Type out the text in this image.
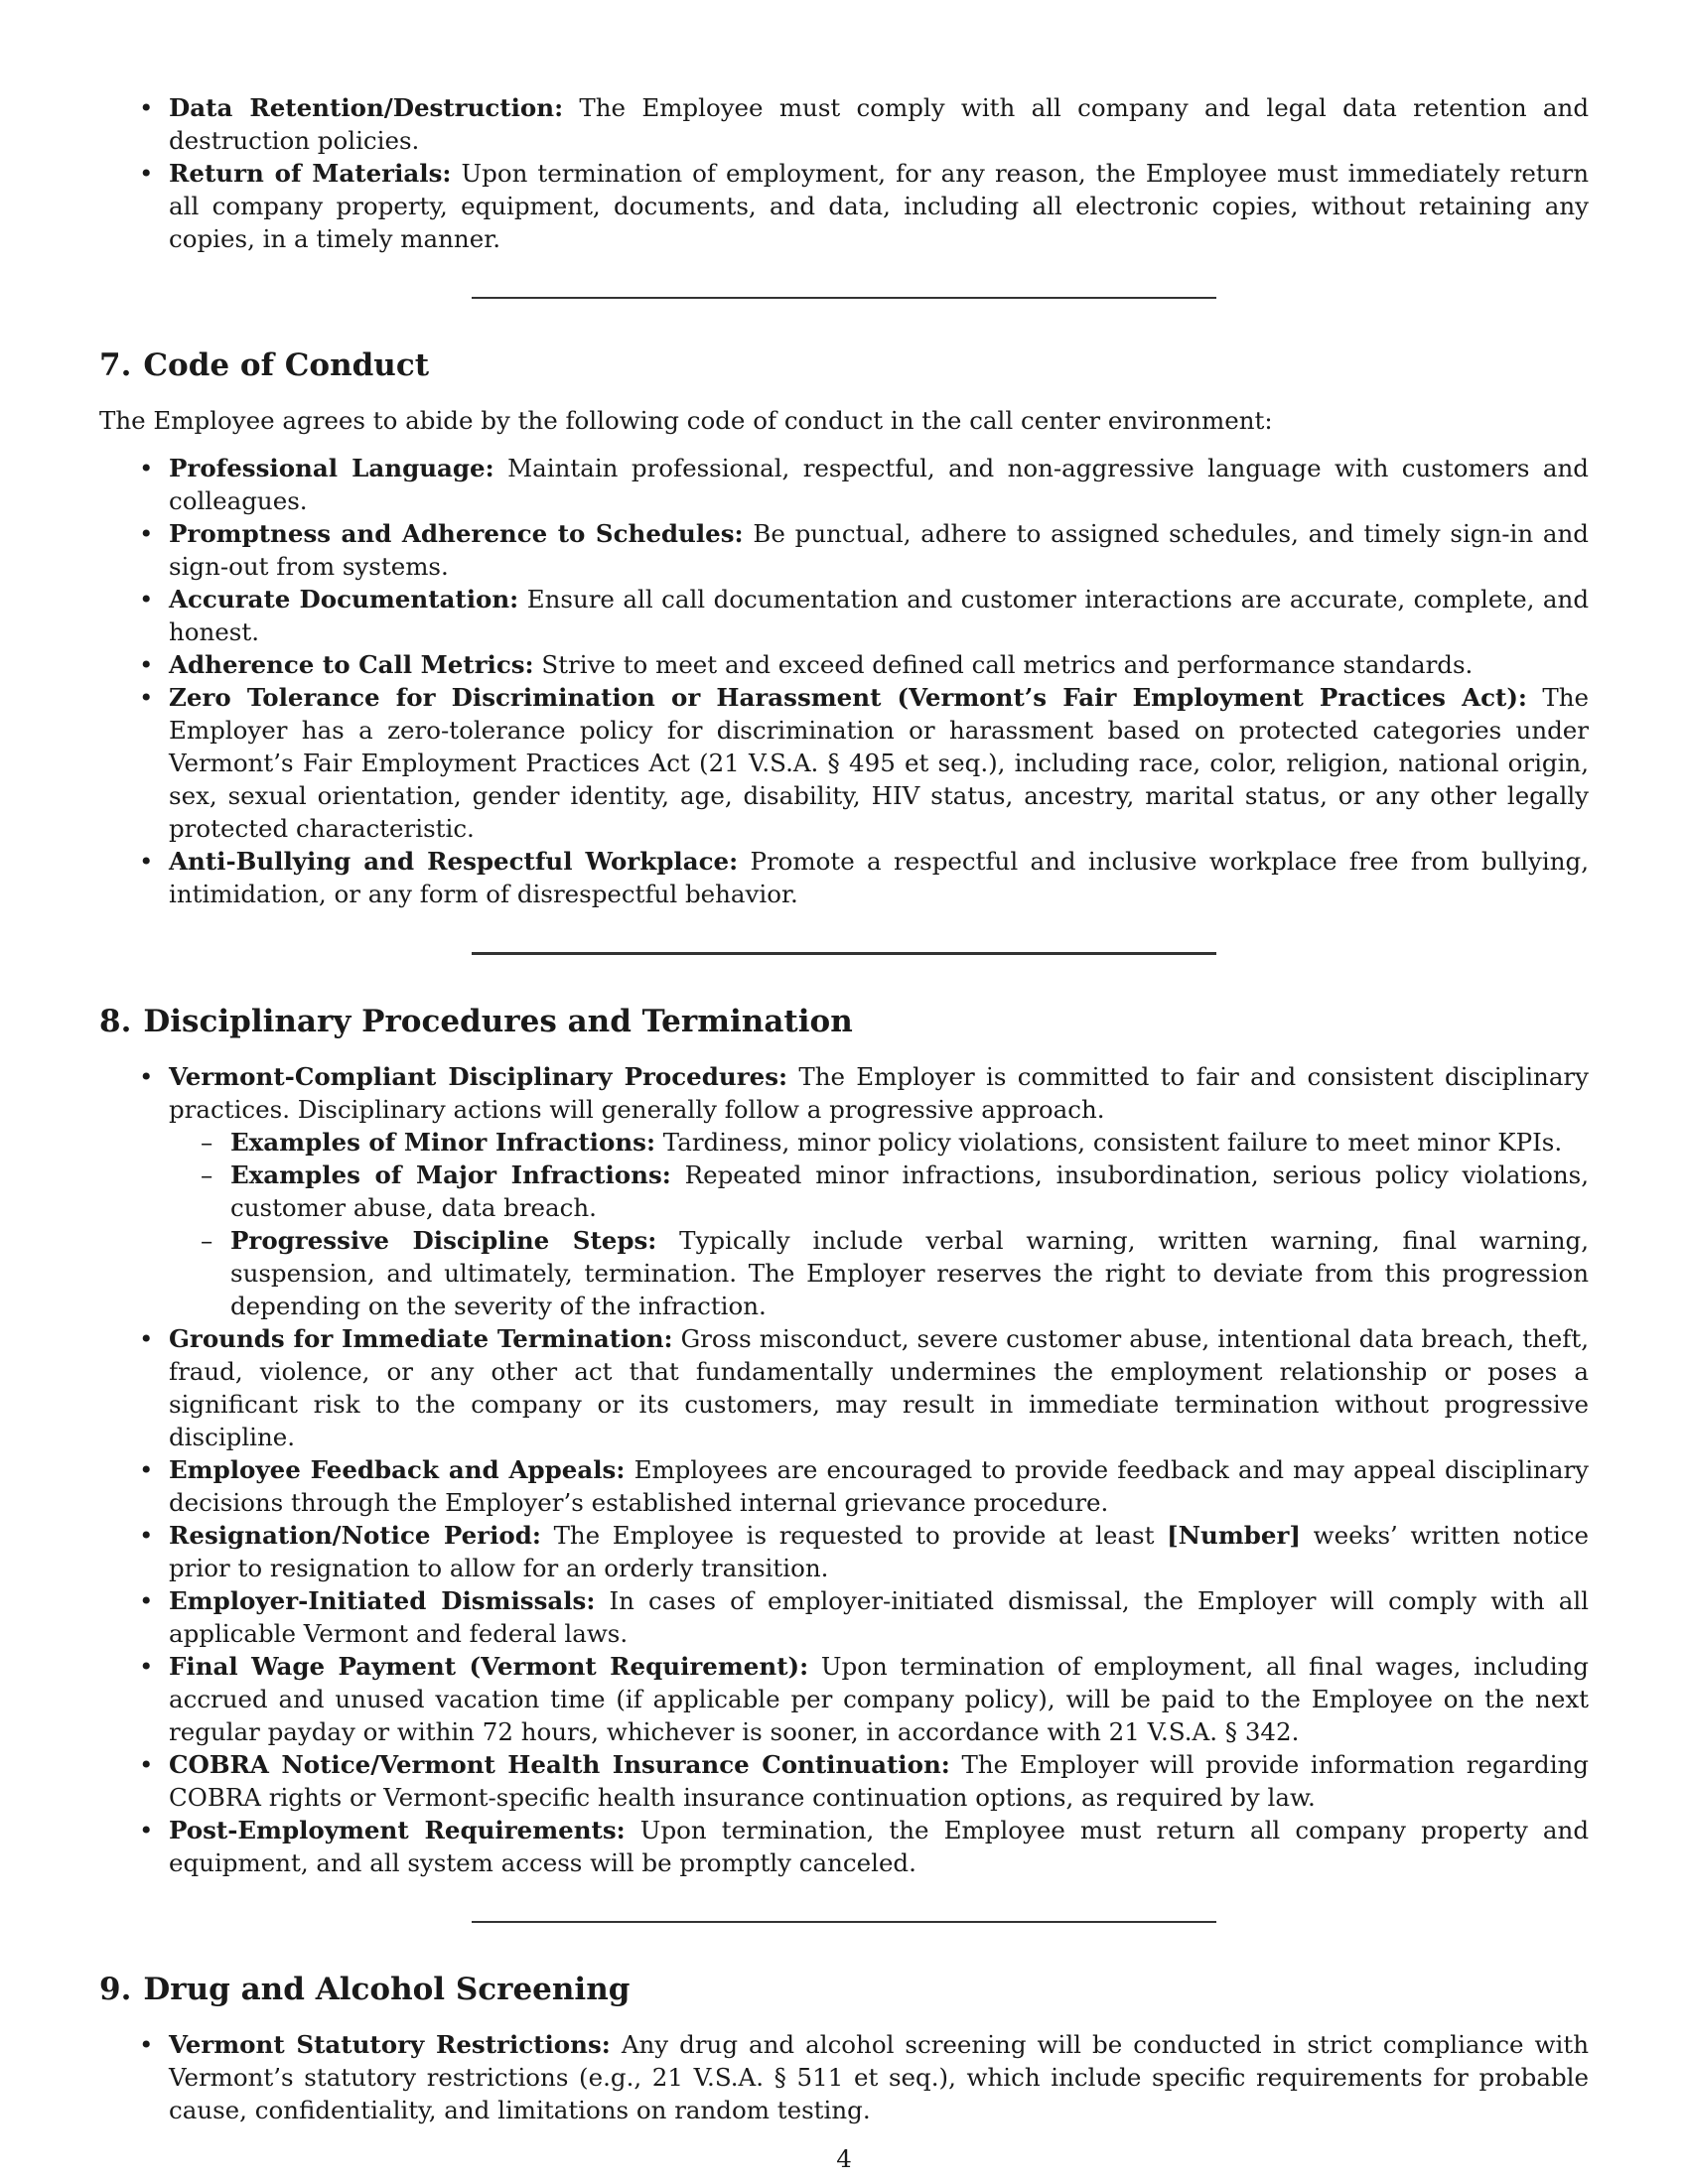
• Data Retention/Destruction: The Employee must comply with all company and legal data retention and destruction policies.
• Return of Materials: Upon termination of employment, for any reason, the Employee must immediately return all company property, equipment, documents, and data, including all electronic copies, without retaining any copies, in a timely manner.
7. Code of Conduct

The Employee agrees to abide by the following code of conduct in the call center environment:

• Professional Language: Maintain professional, respectful, and non-aggressive language with customers and colleagues.
• Promptness and Adherence to Schedules: Be punctual, adhere to assigned schedules, and timely sign-in and sign-out from systems.
• Accurate Documentation: Ensure all call documentation and customer interactions are accurate, complete, and honest.
• Adherence to Call Metrics: Strive to meet and exceed defined call metrics and performance standards.
• Zero Tolerance for Discrimination or Harassment (Vermont’s Fair Employment Practices Act): The Employer has a zero-tolerance policy for discrimination or harassment based on protected categories under Vermont’s Fair Employment Practices Act (21 V.S.A. § 495 et seq.), including race, color, religion, national origin, sex, sexual orientation, gender identity, age, disability, HIV status, ancestry, marital status, or any other legally protected characteristic.
• Anti-Bullying and Respectful Workplace: Promote a respectful and inclusive workplace free from bullying, intimidation, or any form of disrespectful behavior.
8. Disciplinary Procedures and Termination
• Vermont-Compliant Disciplinary Procedures: The Employer is committed to fair and consistent disciplinary practices. Disciplinary actions will generally follow a progressive approach.
– Examples of Minor Infractions: Tardiness, minor policy violations, consistent failure to meet minor KPIs.
– Examples of Major Infractions: Repeated minor infractions, insubordination, serious policy violations, customer abuse, data breach.
– Progressive Discipline Steps: Typically include verbal warning, written warning, final warning, suspension, and ultimately, termination. The Employer reserves the right to deviate from this progression depending on the severity of the infraction.
• Grounds for Immediate Termination: Gross misconduct, severe customer abuse, intentional data breach, theft, fraud, violence, or any other act that fundamentally undermines the employment relationship or poses a significant risk to the company or its customers, may result in immediate termination without progressive discipline.
• Employee Feedback and Appeals: Employees are encouraged to provide feedback and may appeal disciplinary decisions through the Employer’s established internal grievance procedure.
• Resignation/Notice Period: The Employee is requested to provide at least [Number] weeks’ written notice prior to resignation to allow for an orderly transition.
• Employer-Initiated Dismissals: In cases of employer-initiated dismissal, the Employer will comply with all applicable Vermont and federal laws.
• Final Wage Payment (Vermont Requirement): Upon termination of employment, all final wages, including accrued and unused vacation time (if applicable per company policy), will be paid to the Employee on the next regular payday or within 72 hours, whichever is sooner, in accordance with 21 V.S.A. § 342.
• COBRA Notice/Vermont Health Insurance Continuation: The Employer will provide information regarding COBRA rights or Vermont-specific health insurance continuation options, as required by law.
• Post-Employment Requirements: Upon termination, the Employee must return all company property and equipment, and all system access will be promptly canceled.
9. Drug and Alcohol Screening
• Vermont Statutory Restrictions: Any drug and alcohol screening will be conducted in strict compliance with Vermont’s statutory restrictions (e.g., 21 V.S.A. § 511 et seq.), which include specific requirements for probable cause, confidentiality, and limitations on random testing.
4
